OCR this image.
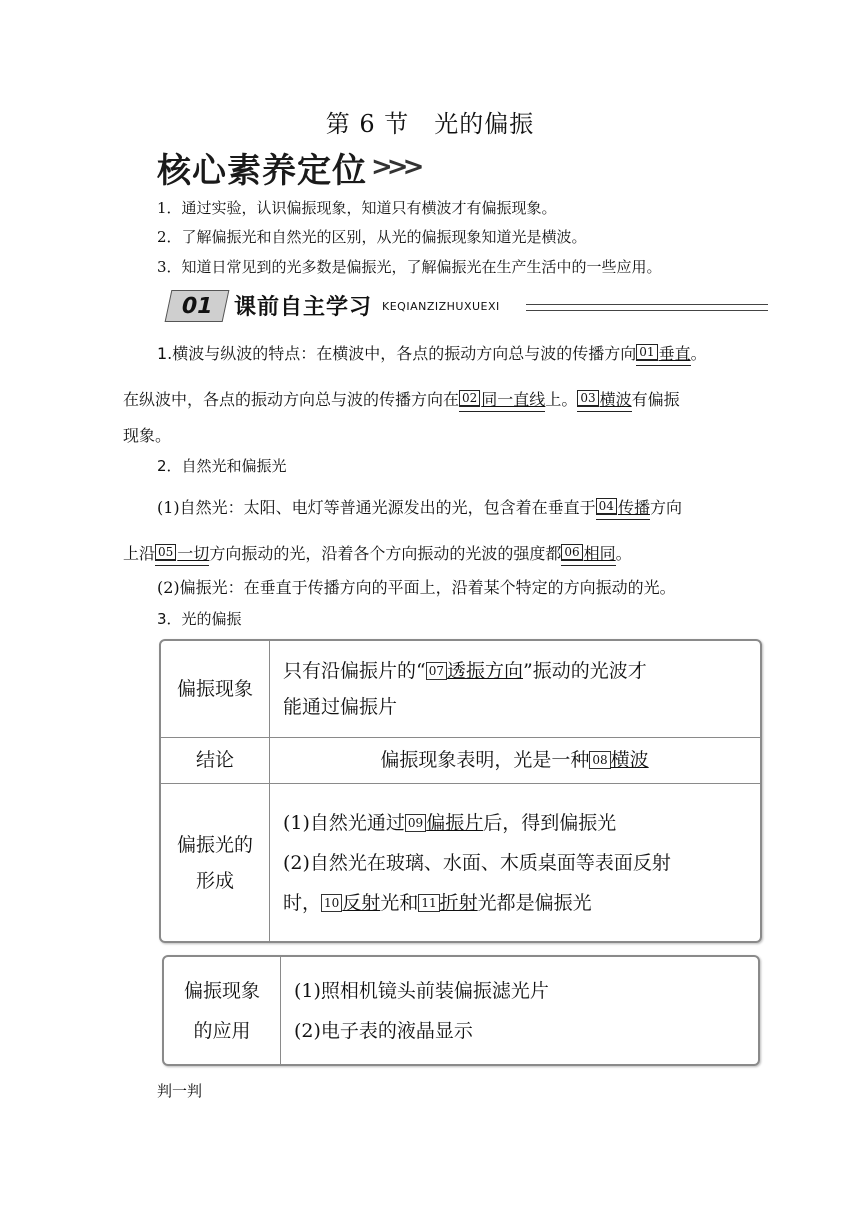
第 6 节　光的偏振
核心素养定位 >>>
1．通过实验，认识偏振现象，知道只有横波才有偏振现象。
2．了解偏振光和自然光的区别，从光的偏振现象知道光是横波。
3．知道日常见到的光多数是偏振光，了解偏振光在生产生活中的一些应用。
01 课前自主学习 KEQIANZIZHUXUEXI
1.横波与纵波的特点：在横波中，各点的振动方向总与波的传播方向 01 垂直。
在纵波中，各点的振动方向总与波的传播方向在 02 同一直线上。 03 横波有偏振
现象。
2．自然光和偏振光
(1)自然光：太阳、电灯等普通光源发出的光，包含着在垂直于 04 传播方向
上沿 05 一切方向振动的光，沿着各个方向振动的光波的强度都 06 相同。
(2)偏振光：在垂直于传播方向的平面上，沿着某个特定的方向振动的光。
3．光的偏振
偏振现象
只有沿偏振片的“ 07 透振方向”振动的光波才
能通过偏振片
结论	偏振现象表明，光是一种 08 横波
偏振光的
形成
(1)自然光通过 09 偏振片后，得到偏振光
(2)自然光在玻璃、水面、木质桌面等表面反射
时， 10 反射光和 11 折射光都是偏振光
偏振现象
的应用
(1)照相机镜头前装偏振滤光片
(2)电子表的液晶显示
判一判
